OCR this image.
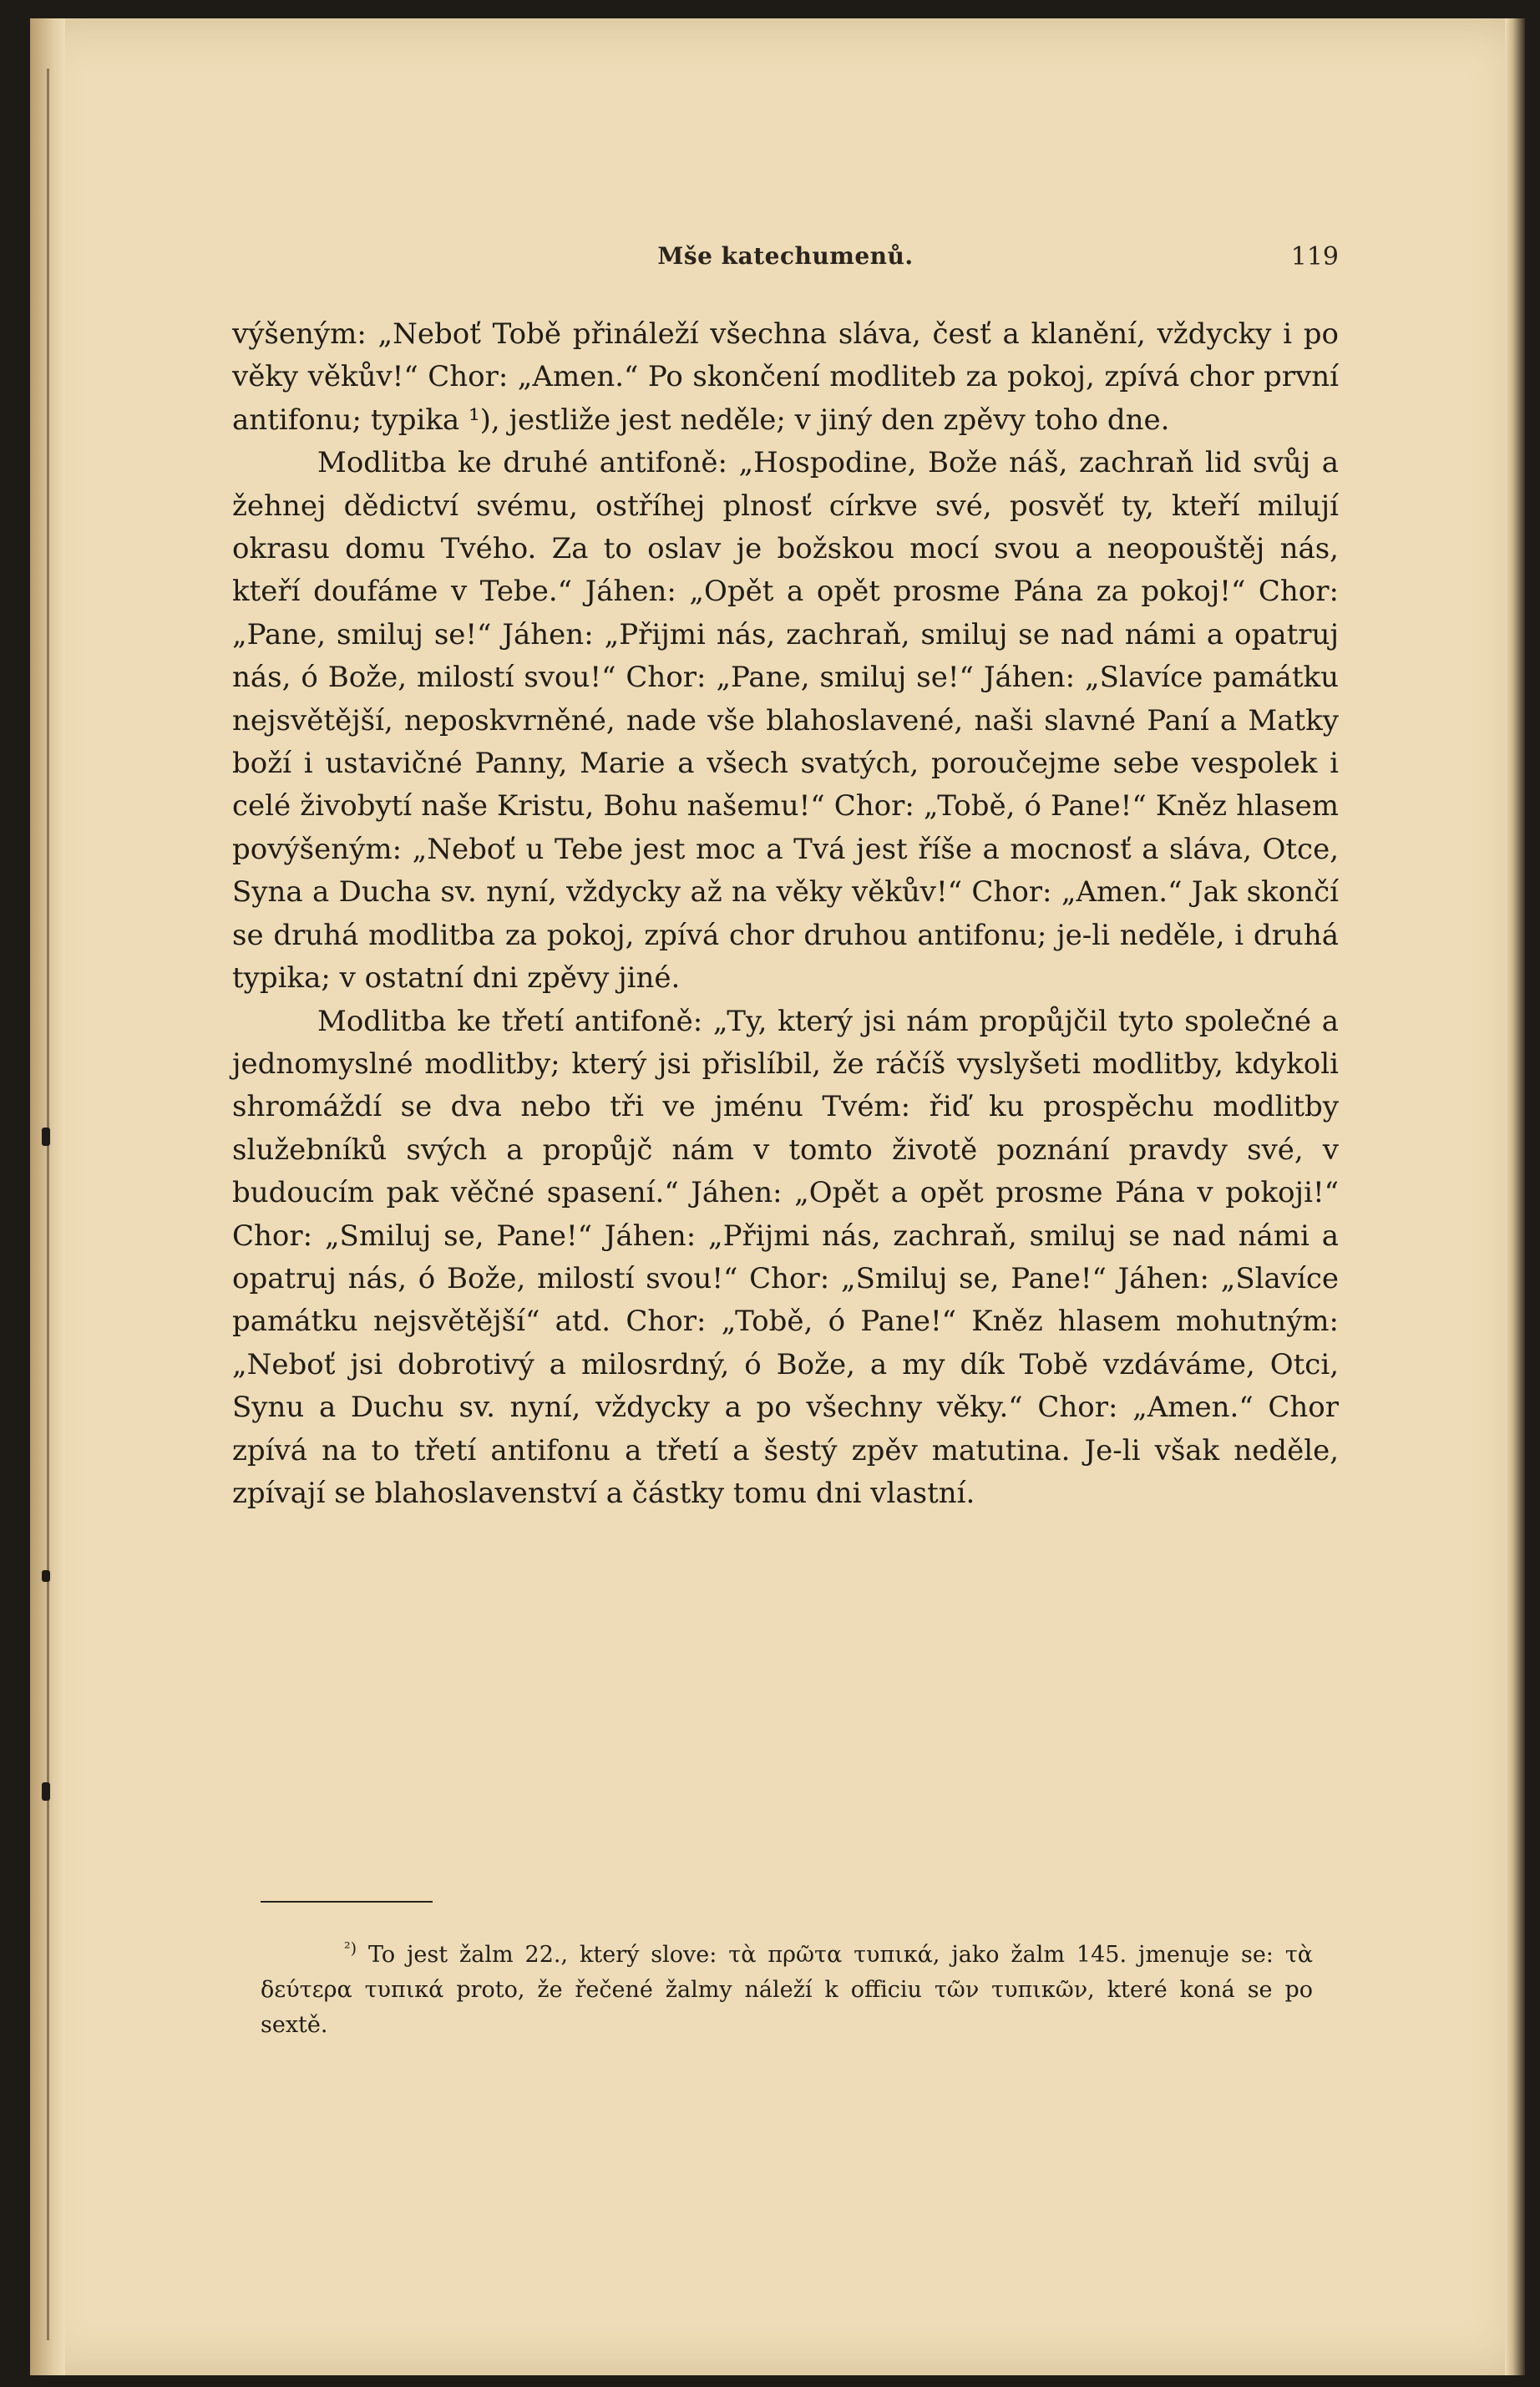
Mše katechumenů.	119

výšeným: „Neboť Tobě přináleží všechna sláva, česť a klanění, vždycky i po věky věkův!“ Chor: „Amen.“ Po skončení modliteb za pokoj, zpívá chor první antifonu; typika ¹), jestliže jest neděle; v jiný den zpěvy toho dne.

Modlitba ke druhé antifoně: „Hospodine, Bože náš, zachraň lid svůj a žehnej dědictví svému, ostříhej plnosť církve své, posvěť ty, kteří milují okrasu domu Tvého. Za to oslav je božskou mocí svou a neopouštěj nás, kteří doufáme v Tebe.“ Jáhen: „Opět a opět prosme Pána za pokoj!“ Chor: „Pane, smiluj se!“ Jáhen: „Přijmi nás, zachraň, smiluj se nad námi a opatruj nás, ó Bože, milostí svou!“ Chor: „Pane, smiluj se!“ Jáhen: „Slavíce památku nejsvětější, neposkvrněné, nade vše blahoslavené, naši slavné Paní a Matky boží i ustavičné Panny, Marie a všech svatých, poroučejme sebe vespolek i celé živobytí naše Kristu, Bohu našemu!“ Chor: „Tobě, ó Pane!“ Kněz hlasem povýšeným: „Neboť u Tebe jest moc a Tvá jest říše a mocnosť a sláva, Otce, Syna a Ducha sv. nyní, vždycky až na věky věkův!“ Chor: „Amen.“ Jak skončí se druhá modlitba za pokoj, zpívá chor druhou antifonu; je-li neděle, i druhá typika; v ostatní dni zpěvy jiné.

Modlitba ke třetí antifoně: „Ty, který jsi nám propůjčil tyto společné a jednomyslné modlitby; který jsi přislíbil, že ráčíš vyslyšeti modlitby, kdykoli shromáždí se dva nebo tři ve jménu Tvém: řiď ku prospěchu modlitby služebníků svých a propůjč nám v tomto životě poznání pravdy své, v budoucím pak věčné spasení.“ Jáhen: „Opět a opět prosme Pána v pokoji!“ Chor: „Smiluj se, Pane!“ Jáhen: „Přijmi nás, zachraň, smiluj se nad námi a opatruj nás, ó Bože, milostí svou!“ Chor: „Smiluj se, Pane!“ Jáhen: „Slavíce památku nejsvětější“ atd. Chor: „Tobě, ó Pane!“ Kněz hlasem mohutným: „Neboť jsi dobrotivý a milosrdný, ó Bože, a my dík Tobě vzdáváme, Otci, Synu a Duchu sv. nyní, vždycky a po všechny věky.“ Chor: „Amen.“ Chor zpívá na to třetí antifonu a třetí a šestý zpěv matutina. Je-li však neděle, zpívají se blahoslavenství a částky tomu dni vlastní.

$^{^2)}$ To jest žalm 22., který slove: τὰ πρῶτα τυπικά, jako žalm 145. jmenuje se: τὰ δεύτερα τυπικά proto, že řečené žalmy náleží k officiu τῶν τυπικῶν, které koná se po sextě.
